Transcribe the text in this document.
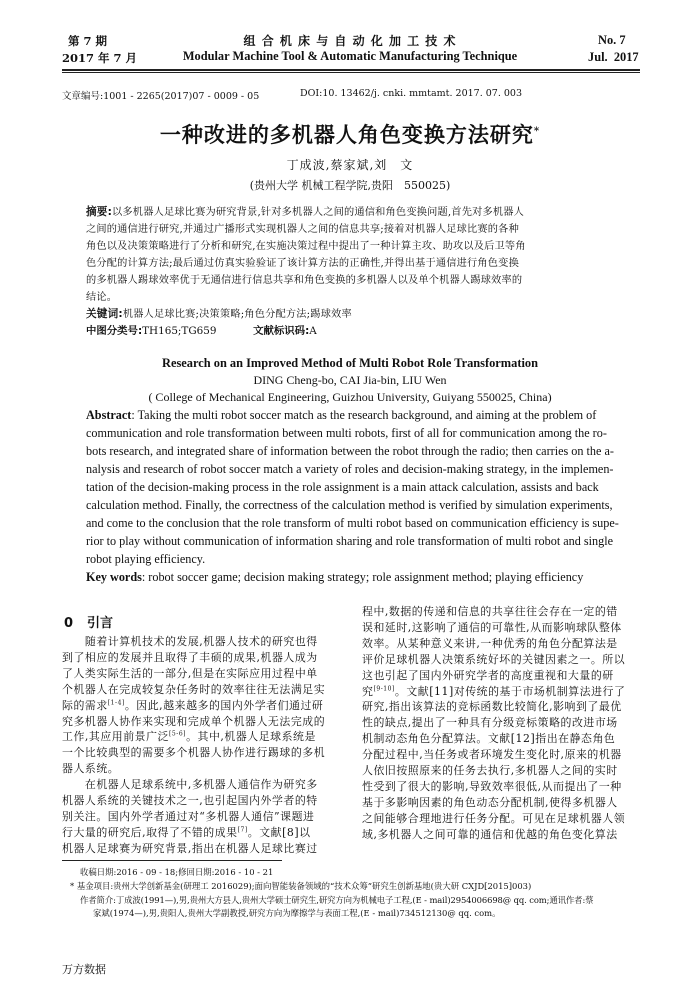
第 7 期
2017 年 7 月
组 合 机 床 与 自 动 化 加 工 技 术
Modular Machine Tool & Automatic Manufacturing Technique
No. 7
Jul.  2017
文章编号:1001 - 2265(2017)07 - 0009 - 05	DOI:10. 13462/j. cnki. mmtamt. 2017. 07. 003
一种改进的多机器人角色变换方法研究*
丁成波,蔡家斌,刘　文
(贵州大学 机械工程学院,贵阳　550025)
摘要:以多机器人足球比赛为研究背景,针对多机器人之间的通信和角色变换问题,首先对多机器人
之间的通信进行研究,并通过广播形式实现机器人之间的信息共享;接着对机器人足球比赛的各种
角色以及决策策略进行了分析和研究,在实施决策过程中提出了一种计算主攻、助攻以及后卫等角
色分配的计算方法;最后通过仿真实验验证了该计算方法的正确性,并得出基于通信进行角色变换
的多机器人踢球效率优于无通信进行信息共享和角色变换的多机器人以及单个机器人踢球效率的
结论。
关键词:机器人足球比赛;决策策略;角色分配方法;踢球效率
中图分类号:TH165;TG659	文献标识码:A
Research on an Improved Method of Multi Robot Role Transformation
DING Cheng-bo, CAI Jia-bin, LIU Wen
( College of Mechanical Engineering, Guizhou University, Guiyang 550025, China)
Abstract: Taking the multi robot soccer match as the research background, and aiming at the problem of
communication and role transformation between multi robots, first of all for communication among the ro-
bots research, and integrated share of information between the robot through the radio; then carries on the a-
nalysis and research of robot soccer match a variety of roles and decision-making strategy, in the implemen-
tation of the decision-making process in the role assignment is a main attack calculation, assists and back
calculation method. Finally, the correctness of the calculation method is verified by simulation experiments,
and come to the conclusion that the role transform of multi robot based on communication efficiency is supe-
rior to play without communication of information sharing and role transformation of multi robot and single
robot playing efficiency.
Key words: robot soccer game; decision making strategy; role assignment method; playing efficiency
0 引言
　　随着计算机技术的发展,机器人技术的研究也得
到了相应的发展并且取得了丰硕的成果,机器人成为
了人类实际生活的一部分,但是在实际应用过程中单
个机器人在完成较复杂任务时的效率往往无法满足实
际的需求[1-4]。因此,越来越多的国内外学者们通过研
究多机器人协作来实现和完成单个机器人无法完成的
工作,其应用前景广泛[5-6]。其中,机器人足球系统是
一个比较典型的需要多个机器人协作进行踢球的多机
器人系统。
　　在机器人足球系统中,多机器人通信作为研究多
机器人系统的关键技术之一,也引起国内外学者的特
别关注。国内外学者通过对“多机器人通信”课题进
行大量的研究后,取得了不错的成果[7]。文献[8]以
机器人足球赛为研究背景,指出在机器人足球比赛过
程中,数据的传递和信息的共享往往会存在一定的错
误和延时,这影响了通信的可靠性,从而影响球队整体
效率。从某种意义来讲,一种优秀的角色分配算法是
评价足球机器人决策系统好坏的关键因素之一。所以
这也引起了国内外研究学者的高度重视和大量的研
究[9-10]。文献[11]对传统的基于市场机制算法进行了
研究,指出该算法的竞标函数比较简化,影响到了最优
性的缺点,提出了一种具有分级竞标策略的改进市场
机制动态角色分配算法。文献[12]指出在静态角色
分配过程中,当任务或者环境发生变化时,原来的机器
人依旧按照原来的任务去执行,多机器人之间的实时
性受到了很大的影响,导致效率很低,从而提出了一种
基于多影响因素的角色动态分配机制,使得多机器人
之间能够合理地进行任务分配。可见在足球机器人领
域,多机器人之间可靠的通信和优越的角色变化算法
收稿日期:2016 - 09 - 18;修回日期:2016 - 10 - 21
* 基金项目:贵州大学创新基金(研理工 2016029);面向智能装备领域的“技术众筹”研究生创新基地(贵大研 CXJD[2015]003)
作者简介:丁成波(1991—),男,贵州大方县人,贵州大学硕士研究生,研究方向为机械电子工程,(E - mail)2954006698@ qq. com;通讯作者:蔡
家斌(1974—),男,贵阳人,贵州大学副教授,研究方向为摩擦学与表面工程,(E - mail)734512130@ qq. com。
万方数据
